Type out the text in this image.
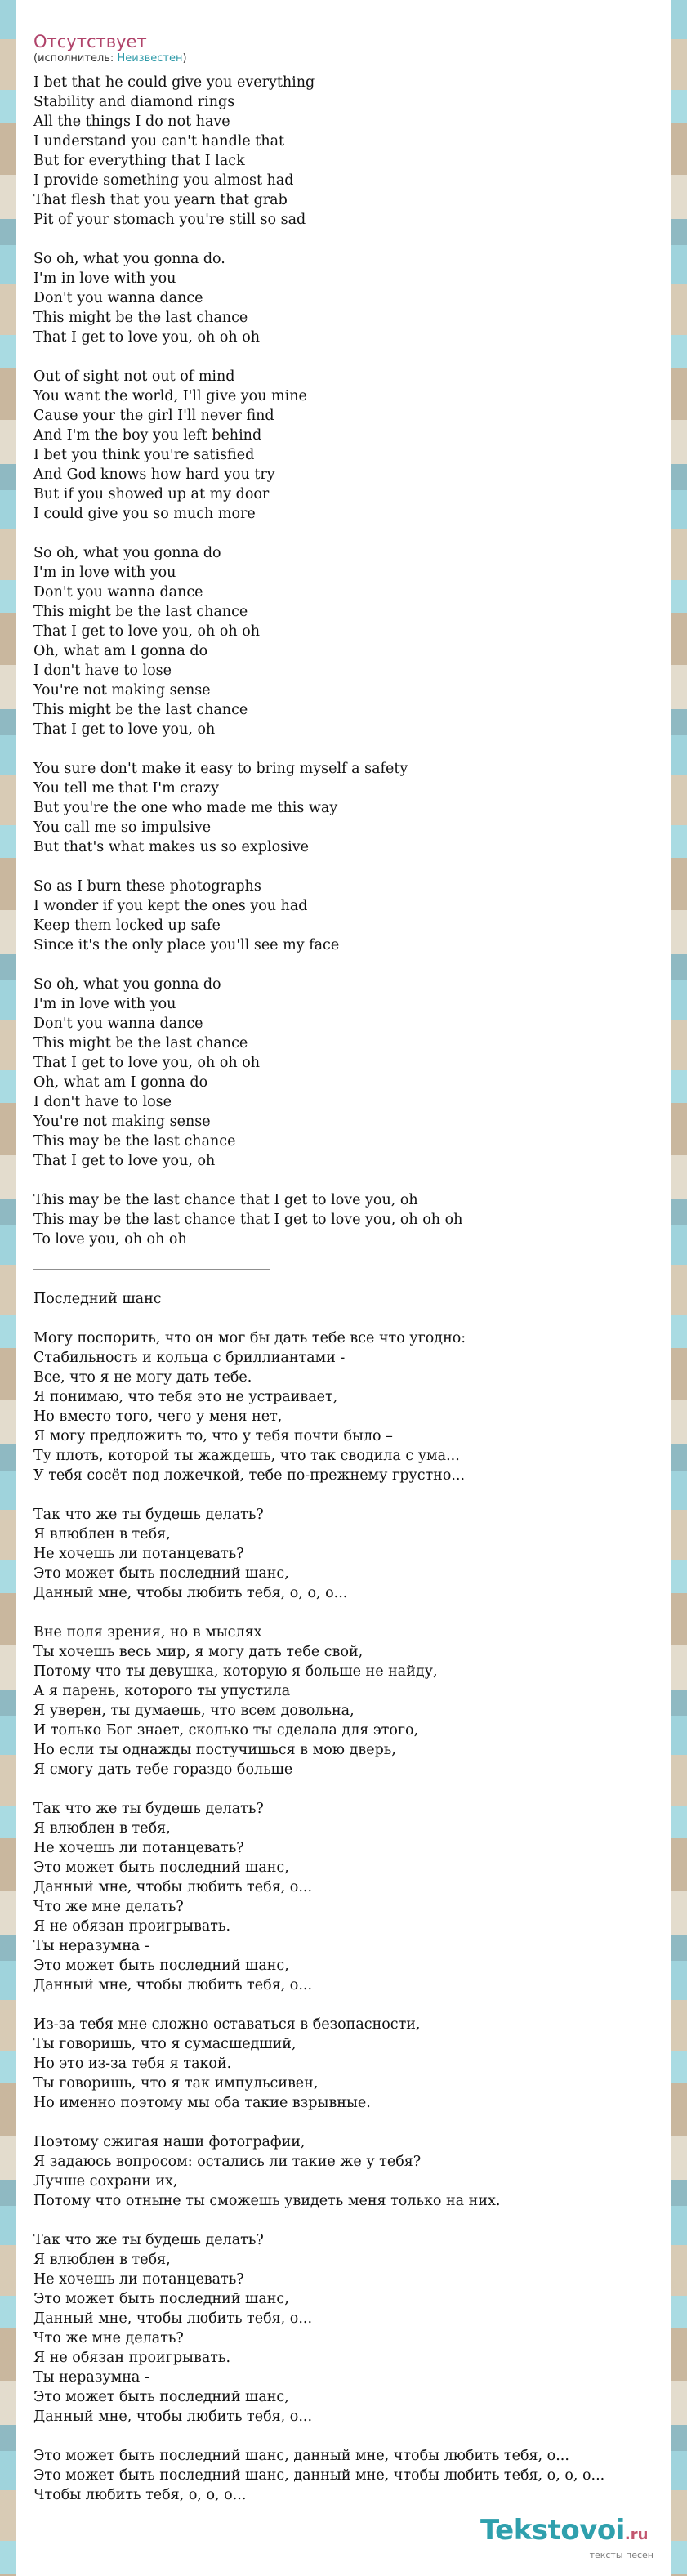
Отсутствует
(исполнитель: Неизвестен)
I bet that he could give you everything
Stability and diamond rings
All the things I do not have
I understand you can't handle that
But for everything that I lack
I provide something you almost had
That flesh that you yearn that grab
Pit of your stomach you're still so sad
So oh, what you gonna do.
I'm in love with you
Don't you wanna dance
This might be the last chance
That I get to love you, oh oh oh
Out of sight not out of mind
You want the world, I'll give you mine
Cause your the girl I'll never find
And I'm the boy you left behind
I bet you think you're satisfied
And God knows how hard you try
But if you showed up at my door
I could give you so much more
So oh, what you gonna do
I'm in love with you
Don't you wanna dance
This might be the last chance
That I get to love you, oh oh oh
Oh, what am I gonna do
I don't have to lose
You're not making sense
This might be the last chance
That I get to love you, oh
You sure don't make it easy to bring myself a safety
You tell me that I'm crazy
But you're the one who made me this way
You call me so impulsive
But that's what makes us so explosive
So as I burn these photographs
I wonder if you kept the ones you had
Keep them locked up safe
Since it's the only place you'll see my face
So oh, what you gonna do
I'm in love with you
Don't you wanna dance
This might be the last chance
That I get to love you, oh oh oh
Oh, what am I gonna do
I don't have to lose
You're not making sense
This may be the last chance
That I get to love you, oh
This may be the last chance that I get to love you, oh
This may be the last chance that I get to love you, oh oh oh
To love you, oh oh oh
Последний шанс
Могу поспорить, что он мог бы дать тебе все что угодно:
Стабильность и кольца с бриллиантами -
Все, что я не могу дать тебе.
Я понимаю, что тебя это не устраивает,
Но вместо того, чего у меня нет,
Я могу предложить то, что у тебя почти было –
Ту плоть, которой ты жаждешь, что так сводила с ума...
У тебя сосёт под ложечкой, тебе по-прежнему грустно...
Так что же ты будешь делать?
Я влюблен в тебя,
Не хочешь ли потанцевать?
Это может быть последний шанс,
Данный мне, чтобы любить тебя, о, о, о...
Вне поля зрения, но в мыслях
Ты хочешь весь мир, я могу дать тебе свой,
Потому что ты девушка, которую я больше не найду,
А я парень, которого ты упустила
Я уверен, ты думаешь, что всем довольна,
И только Бог знает, сколько ты сделала для этого,
Но если ты однажды постучишься в мою дверь,
Я смогу дать тебе гораздо больше
Так что же ты будешь делать?
Я влюблен в тебя,
Не хочешь ли потанцевать?
Это может быть последний шанс,
Данный мне, чтобы любить тебя, о...
Что же мне делать?
Я не обязан проигрывать.
Ты неразумна -
Это может быть последний шанс,
Данный мне, чтобы любить тебя, о...
Из-за тебя мне сложно оставаться в безопасности,
Ты говоришь, что я сумасшедший,
Но это из-за тебя я такой.
Ты говоришь, что я так импульсивен,
Но именно поэтому мы оба такие взрывные.
Поэтому сжигая наши фотографии,
Я задаюсь вопросом: остались ли такие же у тебя?
Лучше сохрани их,
Потому что отныне ты сможешь увидеть меня только на них.
Так что же ты будешь делать?
Я влюблен в тебя,
Не хочешь ли потанцевать?
Это может быть последний шанс,
Данный мне, чтобы любить тебя, о...
Что же мне делать?
Я не обязан проигрывать.
Ты неразумна -
Это может быть последний шанс,
Данный мне, чтобы любить тебя, о...
Это может быть последний шанс, данный мне, чтобы любить тебя, о...
Это может быть последний шанс, данный мне, чтобы любить тебя, о, о, о...
Чтобы любить тебя, о, о, о...
Tekstovoi.ru
тексты песен
